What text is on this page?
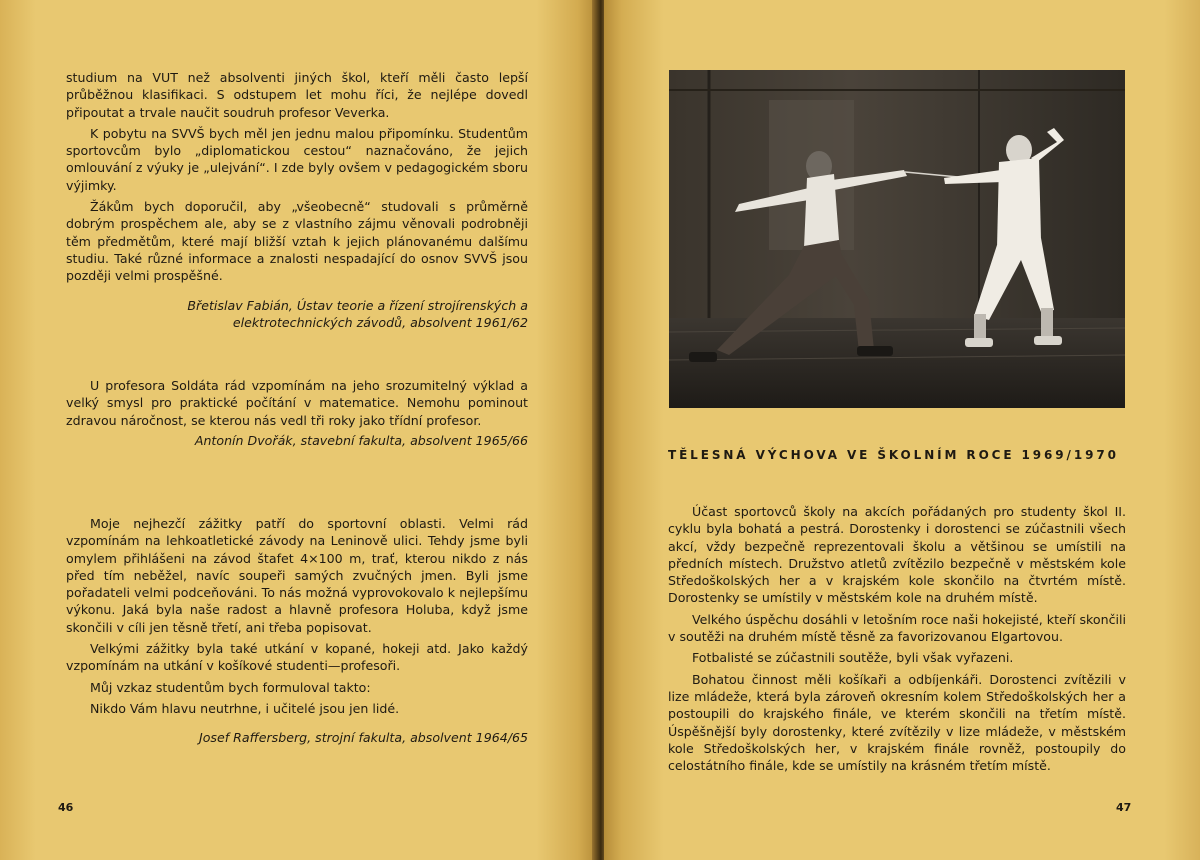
studium na VUT než absolventi jiných škol, kteří měli často lepší průběžnou klasifikaci. S odstupem let mohu říci, že nejlépe dovedl připoutat a trvale naučit soudruh profesor Veverka.

K pobytu na SVVŠ bych měl jen jednu malou připomínku. Studentům sportovcům bylo „diplomatickou cestou“ naznačováno, že jejich omlouvání z výuky je „ulejvání“. I zde byly ovšem v pedagogickém sboru výjimky.

Žákům bych doporučil, aby „všeobecně“ studovali s průměrně dobrým prospěchem ale, aby se z vlastního zájmu věnovali podrobněji těm předmětům, které mají bližší vztah k jejich plánovanému dalšímu studiu. Také různé informace a znalosti nespadající do osnov SVVŠ jsou později velmi prospěšné.

Břetislav Fabián, Ústav teorie a řízení strojírenských a elektrotechnických závodů, absolvent 1961/62

U profesora Soldáta rád vzpomínám na jeho srozumitelný výklad a velký smysl pro praktické počítání v matematice. Nemohu pominout zdravou náročnost, se kterou nás vedl tři roky jako třídní profesor.

Antonín Dvořák, stavební fakulta, absolvent 1965/66

Moje nejhezčí zážitky patří do sportovní oblasti. Velmi rád vzpomínám na lehkoatletické závody na Leninově ulici. Tehdy jsme byli omylem přihlášeni na závod štafet 4×100 m, trať, kterou nikdo z nás před tím neběžel, navíc soupeři samých zvučných jmen. Byli jsme pořadateli velmi podceňováni. To nás možná vyprovokovalo k nejlepšímu výkonu. Jaká byla naše radost a hlavně profesora Holuba, když jsme skončili v cíli jen těsně třetí, ani třeba popisovat.

Velkými zážitky byla také utkání v kopané, hokeji atd. Jako každý vzpomínám na utkání v košíkové studenti—profesoři.

Můj vzkaz studentům bych formuloval takto:

Nikdo Vám hlavu neutrhne, i učitelé jsou jen lidé.

Josef Raffersberg, strojní fakulta, absolvent 1964/65

46
TĚLESNÁ VÝCHOVA VE ŠKOLNÍM ROCE 1969/1970

Účast sportovců školy na akcích pořádaných pro studenty škol II. cyklu byla bohatá a pestrá. Dorostenky i dorostenci se zúčastnili všech akcí, vždy bezpečně reprezentovali školu a většinou se umístili na předních místech. Družstvo atletů zvítězilo bezpečně v městském kole Středoškolských her a v krajském kole skončilo na čtvrtém místě. Dorostenky se umístily v městském kole na druhém místě.

Velkého úspěchu dosáhli v letošním roce naši hokejisté, kteří skončili v soutěži na druhém místě těsně za favorizovanou Elgartovou.

Fotbalisté se zúčastnili soutěže, byli však vyřazeni.

Bohatou činnost měli košíkaři a odbíjenkáři. Dorostenci zvítězili v lize mládeže, která byla zároveň okresním kolem Středoškolských her a postoupili do krajského finále, ve kterém skončili na třetím místě. Úspěšnější byly dorostenky, které zvítězily v lize mládeže, v městském kole Středoškolských her, v krajském finále rovněž, postoupily do celostátního finále, kde se umístily na krásném třetím místě.

47
